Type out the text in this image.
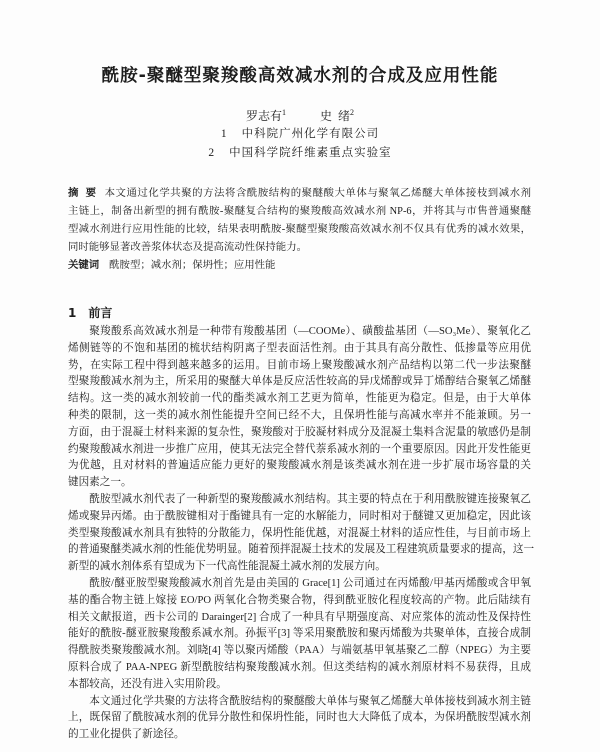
酰胺-聚醚型聚羧酸高效减水剂的合成及应用性能
罗志有$^1$	史  绪$^2$
1 中科院广州化学有限公司
2 中国科学院纤维素重点实验室
摘  要 本文通过化学共聚的方法将含酰胺结构的聚醚酸大单体与聚氧乙烯醚大单体接枝到减水剂
主链上，制备出新型的拥有酰胺-聚醚复合结构的聚羧酸高效减水剂 NP-6，并将其与市售普通聚醚
型减水剂进行应用性能的比较，结果表明酰胺-聚醚型聚羧酸高效减水剂不仅具有优秀的减水效果，
同时能够显著改善浆体状态及提高流动性保持能力。
关键词 酰胺型；减水剂；保坍性；应用性能
1 前言
聚羧酸系高效减水剂是一种带有羧酸基团（—COOMe）、磺酸盐基团（—SO₃Me）、聚氧化乙
烯侧链等的不饱和基团的梳状结构阴离子型表面活性剂。由于其具有高分散性、低掺量等应用优
势，在实际工程中得到越来越多的运用。目前市场上聚羧酸减水剂产品结构以第二代一步法聚醚
型聚羧酸减水剂为主，所采用的聚醚大单体是反应活性较高的异戊烯醇或异丁烯醇结合聚氧乙烯醚
结构。这一类的减水剂较前一代的酯类减水剂工艺更为简单，性能更为稳定。但是，由于大单体
种类的限制，这一类的减水剂性能提升空间已经不大，且保坍性能与高减水率并不能兼顾。另一
方面，由于混凝土材料来源的复杂性，聚羧酸对于胶凝材料成分及混凝土集料含泥量的敏感仍是制
约聚羧酸减水剂进一步推广应用，使其无法完全替代萘系减水剂的一个重要原因。因此开发性能更
为优越，且对材料的普遍适应能力更好的聚羧酸减水剂是该类减水剂在进一步扩展市场容量的关
键因素之一。
酰胺型减水剂代表了一种新型的聚羧酸减水剂结构。其主要的特点在于利用酰胺键连接聚氧乙
烯或聚异丙烯。由于酰胺键相对于酯键具有一定的水解能力，同时相对于醚键又更加稳定，因此该
类型聚羧酸减水剂具有独特的分散能力，保坍性能优越，对混凝土材料的适应性佳，与目前市场上
的普通聚醚类减水剂的性能优势明显。随着预拌混凝土技术的发展及工程建筑质量要求的提高，这一
新型的减水剂体系有望成为下一代高性能混凝土减水剂的发展方向。
酰胺/醚亚胺型聚羧酸减水剂首先是由美国的 Grace[1] 公司通过在丙烯酸/甲基丙烯酸或含甲氧
基的酯合物主链上嫁接 EO/PO 两氧化合物类聚合物，得到酰亚胺化程度较高的产物。此后陆续有
相关文献报道，西卡公司的 Darainger[2] 合成了一种具有早期强度高、对应浆体的流动性及保持性
能好的酰胺-醚亚胺聚羧酸系减水剂。孙振平[3] 等采用聚酰胺和聚丙烯酸为共聚单体，直接合成制
得酰胺类聚羧酸减水剂。刘晓[4] 等以聚丙烯酸（PAA）与端氨基甲氧基聚乙二醇（NPEG）为主要
原料合成了 PAA-NPEG 新型酰胺结构聚羧酸减水剂。但这类结构的减水剂原材料不易获得，且成
本都较高，还没有进入实用阶段。
本文通过化学共聚的方法将含酰胺结构的聚醚酸大单体与聚氧乙烯醚大单体接枝到减水剂主链
上，既保留了酰胺减水剂的优异分散性和保坍性能，同时也大大降低了成本，为保坍酰胺型减水剂
的工业化提供了新途径。
